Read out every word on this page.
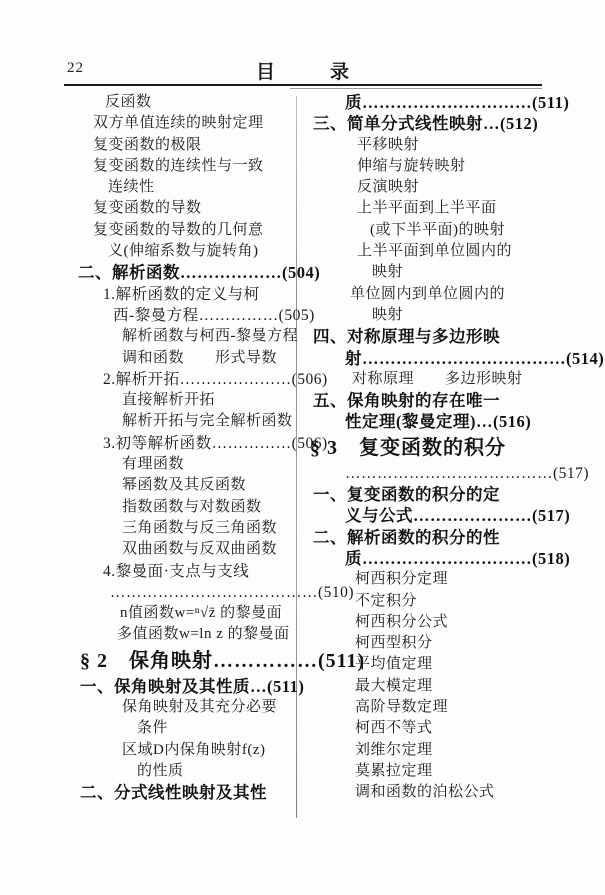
22	目　录
反函数
双方单值连续的映射定理
复变函数的极限
复变函数的连续性与一致
连续性
复变函数的导数
复变函数的导数的几何意
义(伸缩系数与旋转角)
二、解析函数………………(504)
1.解析函数的定义与柯
西-黎曼方程……………(505)
解析函数与柯西-黎曼方程
调和函数　　形式导数
2.解析开拓…………………(506)
直接解析开拓
解析开拓与完全解析函数
3.初等解析函数……………(506)
有理函数
幂函数及其反函数
指数函数与对数函数
三角函数与反三角函数
双曲函数与反双曲函数
4.黎曼面·支点与支线
…………………………………(510)
n值函数w=ⁿ√z̄ 的黎曼面
多值函数w=ln z 的黎曼面
§ 2　保角映射……………(511)
一、保角映射及其性质…(511)
保角映射及其充分必要
条件
区域D内保角映射f(z)
的性质
二、分式线性映射及其性
质…………………………(511)
三、简单分式线性映射…(512)
平移映射
伸缩与旋转映射
反演映射
上半平面到上半平面
(或下半平面)的映射
上半平面到单位圆内的
映射
单位圆内到单位圆内的
映射
四、对称原理与多边形映
射………………………………(514)
对称原理　　多边形映射
五、保角映射的存在唯一
性定理(黎曼定理)…(516)
§ 3　复变函数的积分
…………………………………(517)
一、复变函数的积分的定
义与公式…………………(517)
二、解析函数的积分的性
质…………………………(518)
柯西积分定理
不定积分
柯西积分公式
柯西型积分
平均值定理
最大模定理
高阶导数定理
柯西不等式
刘维尔定理
莫累拉定理
调和函数的泊松公式
